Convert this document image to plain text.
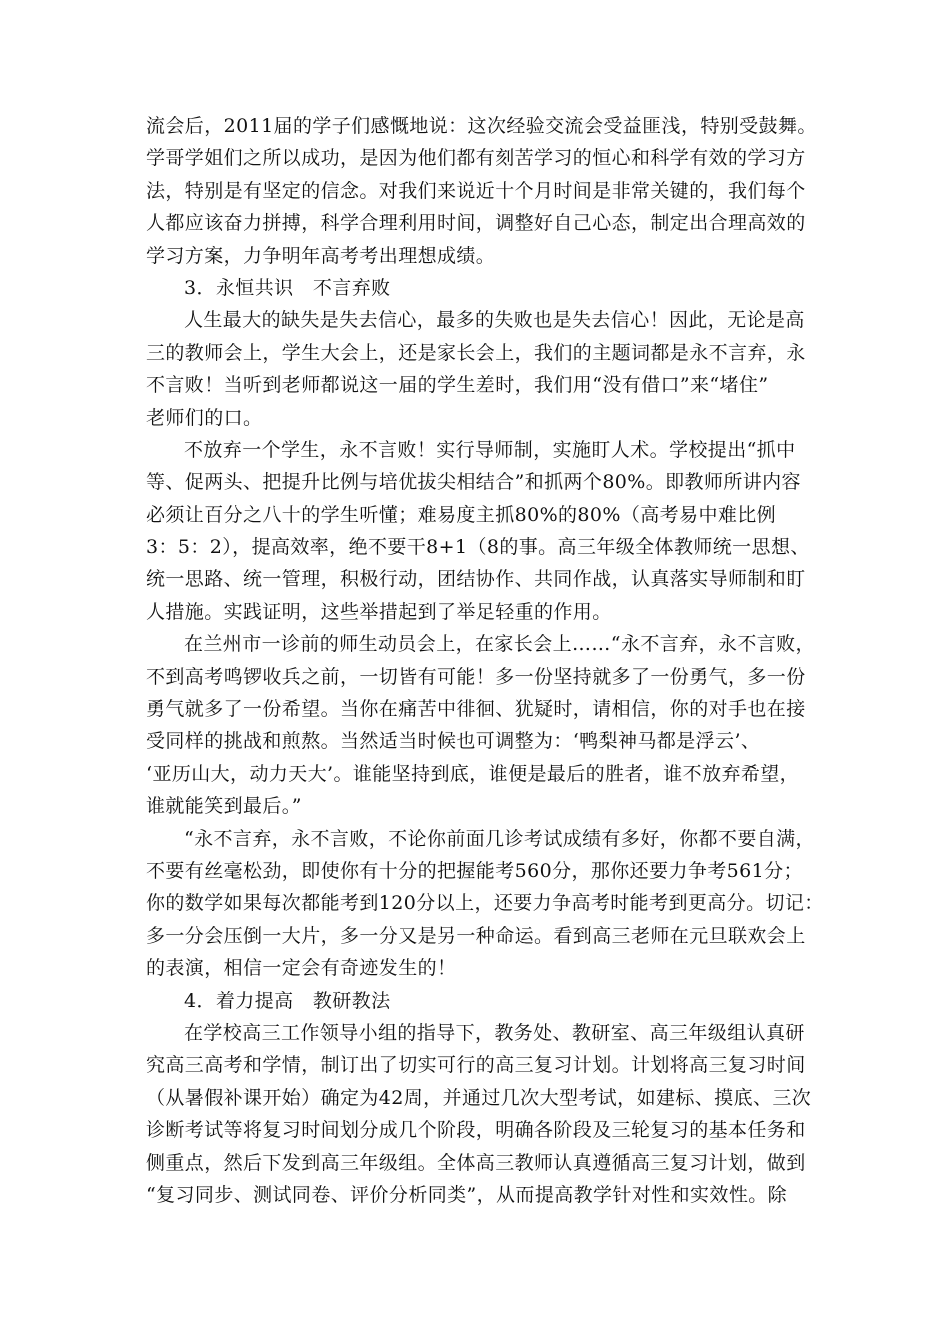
流会后，2011届的学子们感慨地说：这次经验交流会受益匪浅，特别受鼓舞。
学哥学姐们之所以成功，是因为他们都有刻苦学习的恒心和科学有效的学习方
法，特别是有坚定的信念。对我们来说近十个月时间是非常关键的，我们每个
人都应该奋力拼搏，科学合理利用时间，调整好自己心态，制定出合理高效的
学习方案，力争明年高考考出理想成绩。
3．永恒共识　不言弃败
人生最大的缺失是失去信心，最多的失败也是失去信心！因此，无论是高
三的教师会上，学生大会上，还是家长会上，我们的主题词都是永不言弃，永
不言败！当听到老师都说这一届的学生差时，我们用“没有借口”来“堵住”
老师们的口。
不放弃一个学生，永不言败！实行导师制，实施盯人术。学校提出“抓中
等、促两头、把提升比例与培优拔尖相结合”和抓两个80%。即教师所讲内容
必须让百分之八十的学生听懂；难易度主抓80%的80%（高考易中难比例
3：5：2），提高效率，绝不要干8+1（8的事。高三年级全体教师统一思想、
统一思路、统一管理，积极行动，团结协作、共同作战，认真落实导师制和盯
人措施。实践证明，这些举措起到了举足轻重的作用。
在兰州市一诊前的师生动员会上，在家长会上……“永不言弃，永不言败，
不到高考鸣锣收兵之前，一切皆有可能！多一份坚持就多了一份勇气，多一份
勇气就多了一份希望。当你在痛苦中徘徊、犹疑时，请相信，你的对手也在接
受同样的挑战和煎熬。当然适当时候也可调整为：‘鸭梨神马都是浮云’、
‘亚历山大，动力天大’。谁能坚持到底，谁便是最后的胜者，谁不放弃希望，
谁就能笑到最后。”
“永不言弃，永不言败，不论你前面几诊考试成绩有多好，你都不要自满，
不要有丝毫松劲，即使你有十分的把握能考560分，那你还要力争考561分；
你的数学如果每次都能考到120分以上，还要力争高考时能考到更高分。切记：
多一分会压倒一大片，多一分又是另一种命运。看到高三老师在元旦联欢会上
的表演，相信一定会有奇迹发生的！
4．着力提高　教研教法
在学校高三工作领导小组的指导下，教务处、教研室、高三年级组认真研
究高三高考和学情，制订出了切实可行的高三复习计划。计划将高三复习时间
（从暑假补课开始）确定为42周，并通过几次大型考试，如建标、摸底、三次
诊断考试等将复习时间划分成几个阶段，明确各阶段及三轮复习的基本任务和
侧重点，然后下发到高三年级组。全体高三教师认真遵循高三复习计划，做到
“复习同步、测试同卷、评价分析同类”，从而提高教学针对性和实效性。除
